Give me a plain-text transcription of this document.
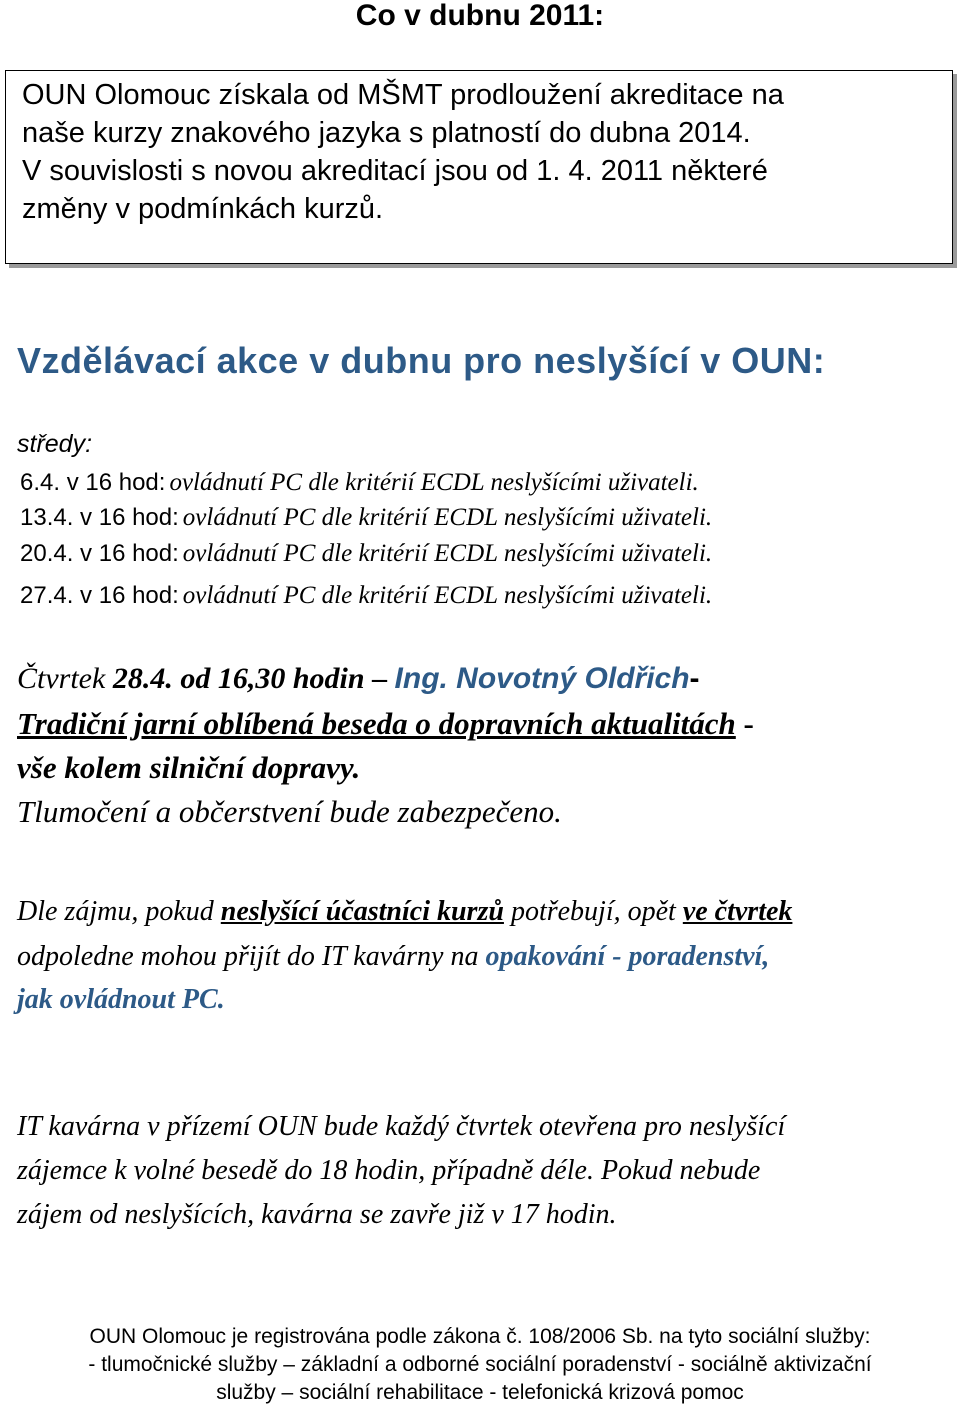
Co v dubnu 2011:
OUN Olomouc získala od MŠMT prodloužení akreditace na
naše kurzy znakového jazyka s platností do dubna 2014.
V souvislosti s novou akreditací jsou od 1. 4. 2011 některé
změny v podmínkách kurzů.
Vzdělávací akce v dubnu pro neslyšící v OUN:
středy:
6.4. v 16 hod: ovládnutí PC dle kritérií ECDL neslyšícími uživateli.
13.4. v 16 hod: ovládnutí PC dle kritérií ECDL neslyšícími uživateli.
20.4. v 16 hod: ovládnutí PC dle kritérií ECDL neslyšícími uživateli.
27.4. v 16 hod: ovládnutí PC dle kritérií ECDL neslyšícími uživateli.
Čtvrtek 28.4. od 16,30 hodin – Ing. Novotný Oldřich-
Tradiční jarní oblíbená beseda o dopravních aktualitách -
vše kolem silniční dopravy.
Tlumočení a občerstvení bude zabezpečeno.
Dle zájmu, pokud neslyšící účastníci kurzů potřebují, opět ve čtvrtek
odpoledne mohou přijít do IT kavárny na opakování - poradenství,
jak ovládnout PC.
IT kavárna v přízemí OUN bude každý čtvrtek otevřena pro neslyšící
zájemce k volné besedě do 18 hodin, případně déle. Pokud nebude
zájem od neslyšících, kavárna se zavře již v 17 hodin.
OUN Olomouc je registrována podle zákona č. 108/2006 Sb. na tyto sociální služby:
- tlumočnické služby – základní a odborné sociální poradenství - sociálně aktivizační
služby – sociální rehabilitace - telefonická krizová pomoc
